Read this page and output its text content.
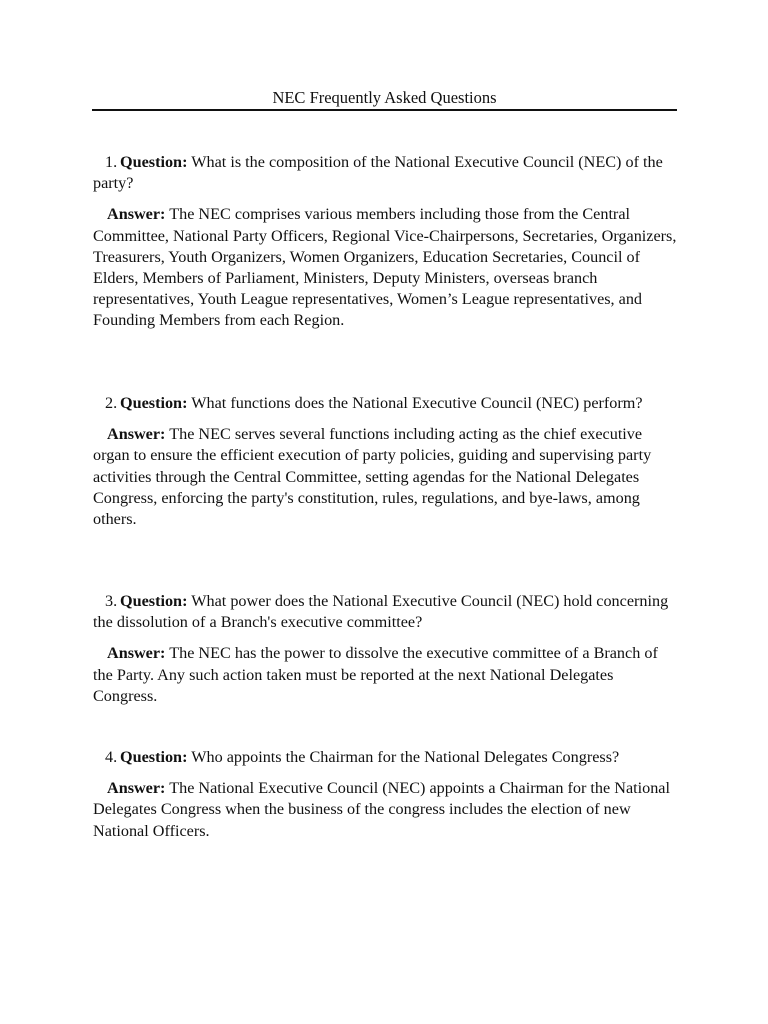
NEC Frequently Asked Questions

1. Question: What is the composition of the National Executive Council (NEC) of the party?

Answer: The NEC comprises various members including those from the Central Committee, National Party Officers, Regional Vice-Chairpersons, Secretaries, Organizers, Treasurers, Youth Organizers, Women Organizers, Education Secretaries, Council of Elders, Members of Parliament, Ministers, Deputy Ministers, overseas branch representatives, Youth League representatives, Women’s League representatives, and Founding Members from each Region.

2. Question: What functions does the National Executive Council (NEC) perform?

Answer: The NEC serves several functions including acting as the chief executive organ to ensure the efficient execution of party policies, guiding and supervising party activities through the Central Committee, setting agendas for the National Delegates Congress, enforcing the party's constitution, rules, regulations, and bye-laws, among others.

3. Question: What power does the National Executive Council (NEC) hold concerning the dissolution of a Branch's executive committee?

Answer: The NEC has the power to dissolve the executive committee of a Branch of the Party. Any such action taken must be reported at the next National Delegates Congress.

4. Question: Who appoints the Chairman for the National Delegates Congress?

Answer: The National Executive Council (NEC) appoints a Chairman for the National Delegates Congress when the business of the congress includes the election of new National Officers.
